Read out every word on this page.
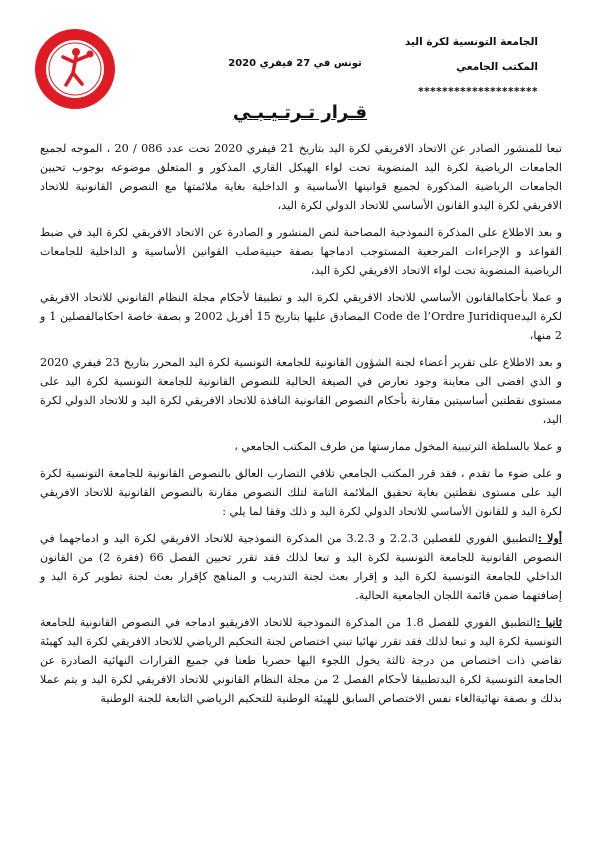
الجامعة التونسية لكرة اليد
المكتب الجامعي
********************
تونس في 27 فيفري 2020
قـرار تـرتـيـبـي

تبعا للمنشور الصادر عن الاتحاد الافريقي لكرة اليد بتاريخ 21 فيفري 2020 تحت عدد 086 / 20 ، الموجه لجميع الجامعات الرياضية لكرة اليد المنضوية تحت لواء الهيكل القاري المذكور و المتعلق موضوعه بوجوب تحيين الجامعات الرياضية المذكورة لجميع قوانينها الأساسية و الداخلية بغاية ملائمتها مع النصوص القانونية للاتحاد الافريقي لكرة اليدو القانون الأساسي للاتحاد الدولي لكرة اليد،

و بعد الاطلاع على المذكرة النموذجية المصاحبة لنص المنشور و الصادرة عن الاتحاد الافريقي لكرة اليد في ضبط القواعد و الإجراءات المرجعية المستوجب ادماجها بصفة حينيةصلب القوانين الأساسية و الداخلية للجامعات الرياضية المنضوية تحت لواء الاتحاد الافريقي لكرة اليد،

و عملا بأحكامالقانون الأساسي للاتحاد الافريقي لكرة اليد و تطبيقا لأحكام مجلة النظام القانوني للاتحاد الافريقي لكرة اليدCode de l’Ordre Juridique المصادق عليها بتاريخ 15 أفريل 2002 و بصفة خاصة احكامالفصلين 1 و 2 منها،

و بعد الاطلاع على تقرير أعضاء لجنة الشؤون القانونية للجامعة التونسية لكرة اليد المحرر بتاريخ 23 فيفري 2020 و الذي افضى الى معاينة وجود تعارض في الصيغة الحالية للنصوص القانونية للجامعة التونسية لكرة اليد على مستوى نقطتين أساسيتين مقارنة بأحكام النصوص القانونية النافذة للاتحاد الافريقي لكرة اليد و للاتحاد الدولي لكرة اليد،

و عملا بالسلطة الترتيبية المخول ممارستها من طرف المكتب الجامعي ،

و على ضوء ما تقدم ، فقد قرر المكتب الجامعي تلافي التضارب العالق بالنصوص القانونية للجامعة التونسية لكرة اليد على مستوى نقطتين بغاية تحقيق الملائمة التامة لتلك النصوص مقارنة بالنصوص القانونية للاتحاد الافريقي لكرة اليد و للقانون الأساسي للاتحاد الدولي لكرة اليد و ذلك وفقا لما يلي :

أولا :التطبيق الفوري للفصلين 2.2.3 و 3.2.3 من المذكرة النموذجية للاتحاد الافريقي لكرة اليد و ادماجهما في النصوص القانونية للجامعة التونسية لكرة اليد و تبعا لذلك فقد تقرر تحيين الفصل 66 (فقرة 2) من القانون الداخلي للجامعة التونسية لكرة اليد و إقرار بعث لجنة التدريب و المناهج كإقرار بعث لجنة تطوير كرة اليد و إضافتهما ضمن قائمة اللجان الجامعية الحالية.

ثانيا :التطبيق الفوري للفصل 1.8 من المذكرة النموذجية للاتحاد الافريقيو ادماجه في النصوص القانونية للجامعة التونسية لكرة اليد و تبعا لذلك فقد تقرر نهائيا تبني اختصاص لجنة التحكيم الرياضي للاتحاد الافريقي لكرة اليد كهيئة تقاضي ذات اختصاص من درجة ثالثة يخول اللجوء اليها حصريا طعنا في جميع القرارات النهائية الصادرة عن الجامعة التونسية لكرة اليدتطبيقا لأحكام الفصل 2 من مجلة النظام القانوني للاتحاد الافريقي لكرة اليد و يتم عملا بذلك و بصفة نهائيةالغاء نفس الاختصاص السابق للهيئة الوطنية للتحكيم الرياضي التابعة للجنة الوطنية
